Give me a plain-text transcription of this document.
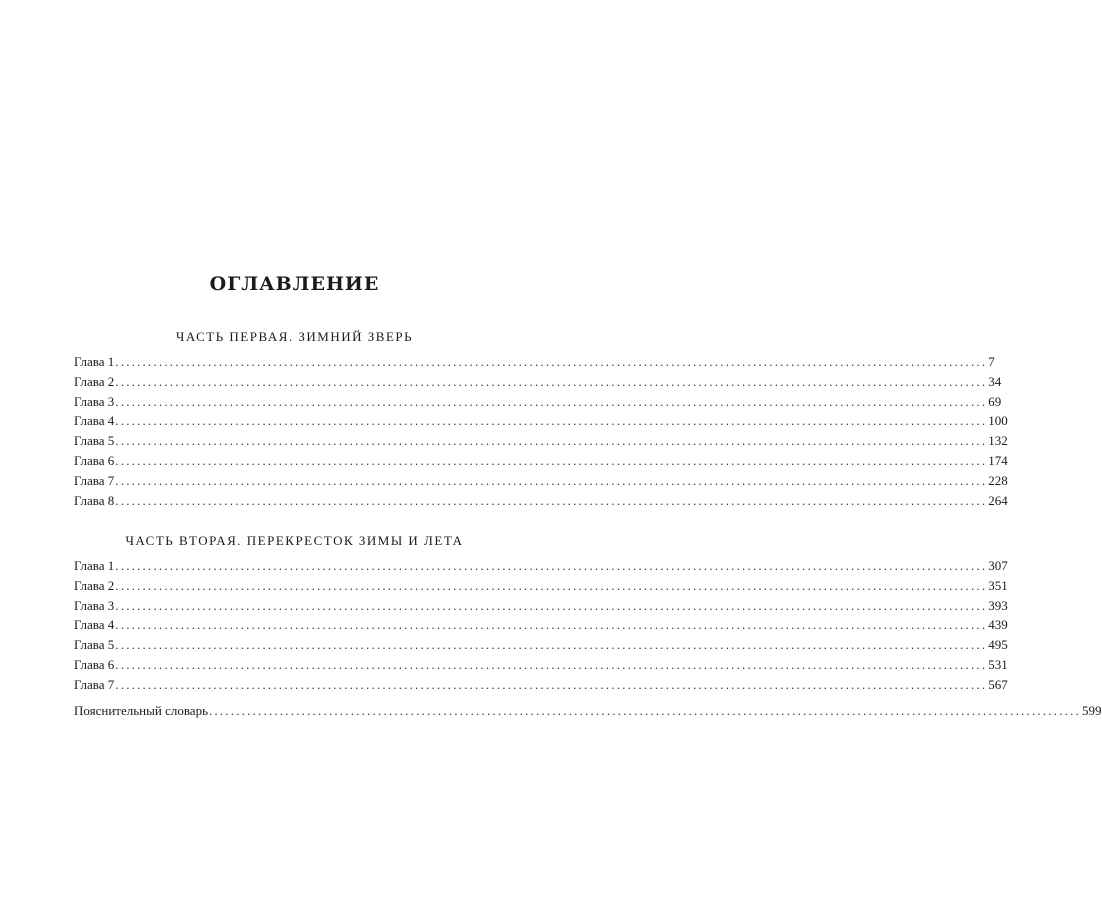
ОГЛАВЛЕНИЕ
ЧАСТЬ ПЕРВАЯ. ЗИМНИЙ ЗВЕРЬ
Глава 1 ................................................................................................................................................................ 7
Глава 2 ................................................................................................................................................................ 34
Глава 3 ................................................................................................................................................................ 69
Глава 4 ................................................................................................................................................................ 100
Глава 5 ................................................................................................................................................................ 132
Глава 6 ................................................................................................................................................................ 174
Глава 7 ................................................................................................................................................................ 228
Глава 8 ................................................................................................................................................................ 264
ЧАСТЬ ВТОРАЯ. ПЕРЕКРЕСТОК ЗИМЫ И ЛЕТА
Глава 1 ................................................................................................................................................................ 307
Глава 2 ................................................................................................................................................................ 351
Глава 3 ................................................................................................................................................................ 393
Глава 4 ................................................................................................................................................................ 439
Глава 5 ................................................................................................................................................................ 495
Глава 6 ................................................................................................................................................................ 531
Глава 7 ................................................................................................................................................................ 567
Пояснительный словарь ................................................................................................................................................................ 599
